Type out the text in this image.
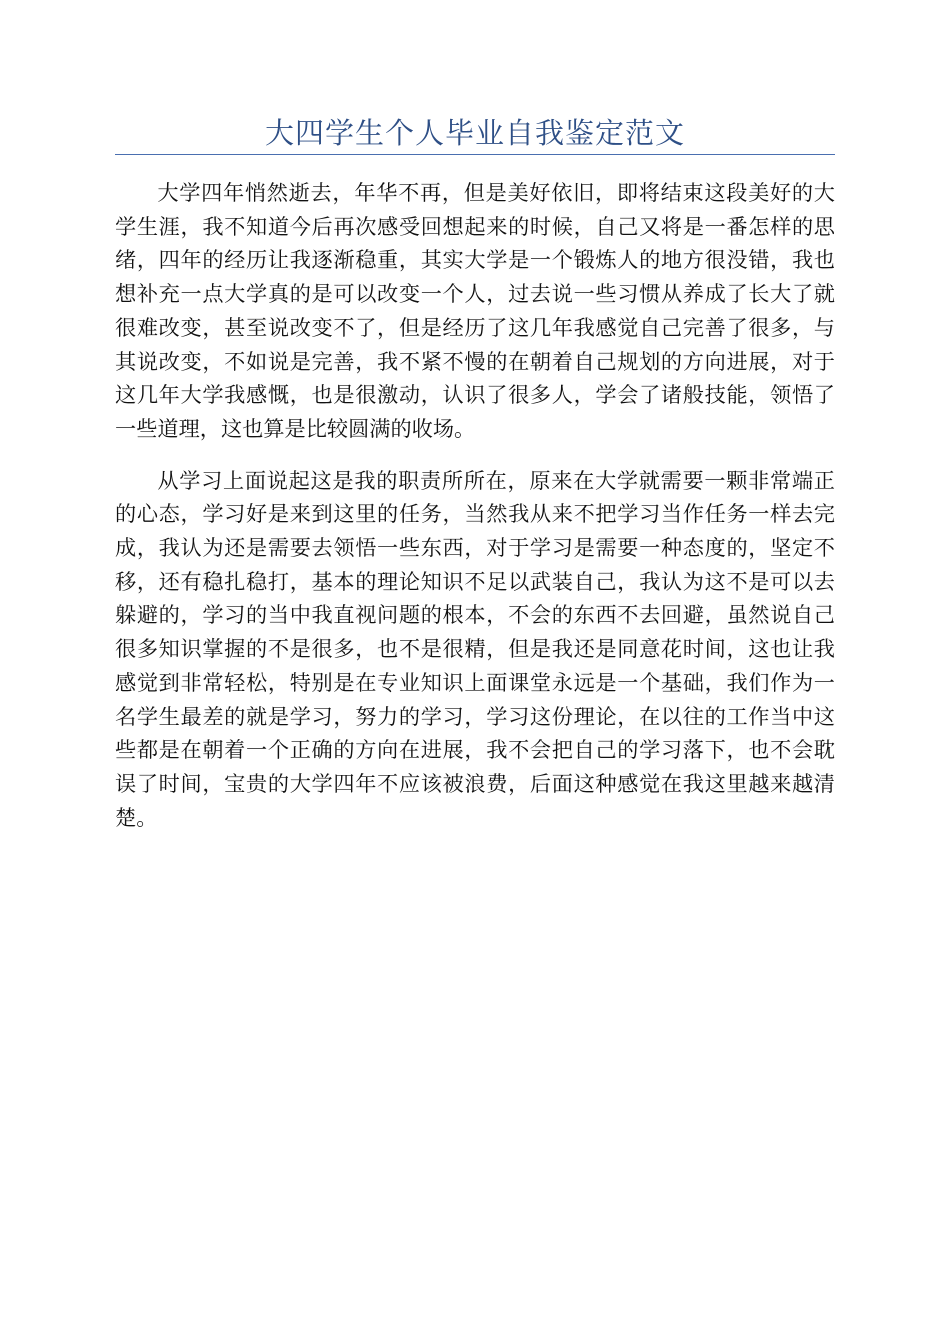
大四学生个人毕业自我鉴定范文

大学四年悄然逝去，年华不再，但是美好依旧，即将结束这段美好的大学生涯，我不知道今后再次感受回想起来的时候，自己又将是一番怎样的思绪，四年的经历让我逐渐稳重，其实大学是一个锻炼人的地方很没错，我也想补充一点大学真的是可以改变一个人，过去说一些习惯从养成了长大了就很难改变，甚至说改变不了，但是经历了这几年我感觉自己完善了很多，与其说改变，不如说是完善，我不紧不慢的在朝着自己规划的方向进展，对于这几年大学我感慨，也是很激动，认识了很多人，学会了诸般技能，领悟了一些道理，这也算是比较圆满的收场。

从学习上面说起这是我的职责所所在，原来在大学就需要一颗非常端正的心态，学习好是来到这里的任务，当然我从来不把学习当作任务一样去完成，我认为还是需要去领悟一些东西，对于学习是需要一种态度的，坚定不移，还有稳扎稳打，基本的理论知识不足以武装自己，我认为这不是可以去躲避的，学习的当中我直视问题的根本，不会的东西不去回避，虽然说自己很多知识掌握的不是很多，也不是很精，但是我还是同意花时间，这也让我感觉到非常轻松，特别是在专业知识上面课堂永远是一个基础，我们作为一名学生最差的就是学习，努力的学习，学习这份理论，在以往的工作当中这些都是在朝着一个正确的方向在进展，我不会把自己的学习落下，也不会耽误了时间，宝贵的大学四年不应该被浪费，后面这种感觉在我这里越来越清楚。
